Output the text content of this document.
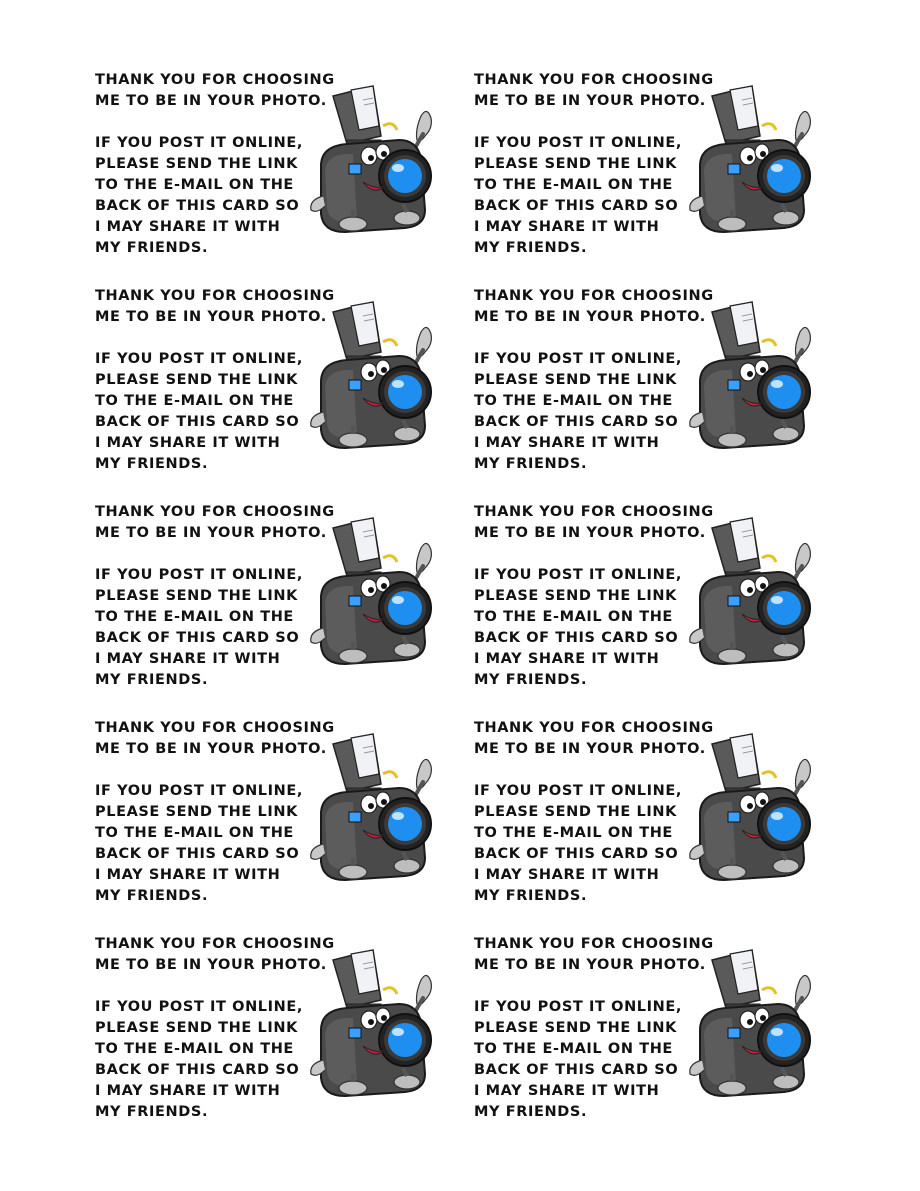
THANK YOU FOR CHOOSING
ME TO BE IN YOUR PHOTO.
IF YOU POST IT ONLINE,
PLEASE SEND THE LINK
TO THE E-MAIL ON THE
BACK OF THIS CARD SO
I MAY SHARE IT WITH
MY FRIENDS.
THANK YOU FOR CHOOSING
ME TO BE IN YOUR PHOTO.
IF YOU POST IT ONLINE,
PLEASE SEND THE LINK
TO THE E-MAIL ON THE
BACK OF THIS CARD SO
I MAY SHARE IT WITH
MY FRIENDS.
THANK YOU FOR CHOOSING
ME TO BE IN YOUR PHOTO.
IF YOU POST IT ONLINE,
PLEASE SEND THE LINK
TO THE E-MAIL ON THE
BACK OF THIS CARD SO
I MAY SHARE IT WITH
MY FRIENDS.
THANK YOU FOR CHOOSING
ME TO BE IN YOUR PHOTO.
IF YOU POST IT ONLINE,
PLEASE SEND THE LINK
TO THE E-MAIL ON THE
BACK OF THIS CARD SO
I MAY SHARE IT WITH
MY FRIENDS.
THANK YOU FOR CHOOSING
ME TO BE IN YOUR PHOTO.
IF YOU POST IT ONLINE,
PLEASE SEND THE LINK
TO THE E-MAIL ON THE
BACK OF THIS CARD SO
I MAY SHARE IT WITH
MY FRIENDS.
THANK YOU FOR CHOOSING
ME TO BE IN YOUR PHOTO.
IF YOU POST IT ONLINE,
PLEASE SEND THE LINK
TO THE E-MAIL ON THE
BACK OF THIS CARD SO
I MAY SHARE IT WITH
MY FRIENDS.
THANK YOU FOR CHOOSING
ME TO BE IN YOUR PHOTO.
IF YOU POST IT ONLINE,
PLEASE SEND THE LINK
TO THE E-MAIL ON THE
BACK OF THIS CARD SO
I MAY SHARE IT WITH
MY FRIENDS.
THANK YOU FOR CHOOSING
ME TO BE IN YOUR PHOTO.
IF YOU POST IT ONLINE,
PLEASE SEND THE LINK
TO THE E-MAIL ON THE
BACK OF THIS CARD SO
I MAY SHARE IT WITH
MY FRIENDS.
THANK YOU FOR CHOOSING
ME TO BE IN YOUR PHOTO.
IF YOU POST IT ONLINE,
PLEASE SEND THE LINK
TO THE E-MAIL ON THE
BACK OF THIS CARD SO
I MAY SHARE IT WITH
MY FRIENDS.
THANK YOU FOR CHOOSING
ME TO BE IN YOUR PHOTO.
IF YOU POST IT ONLINE,
PLEASE SEND THE LINK
TO THE E-MAIL ON THE
BACK OF THIS CARD SO
I MAY SHARE IT WITH
MY FRIENDS.
